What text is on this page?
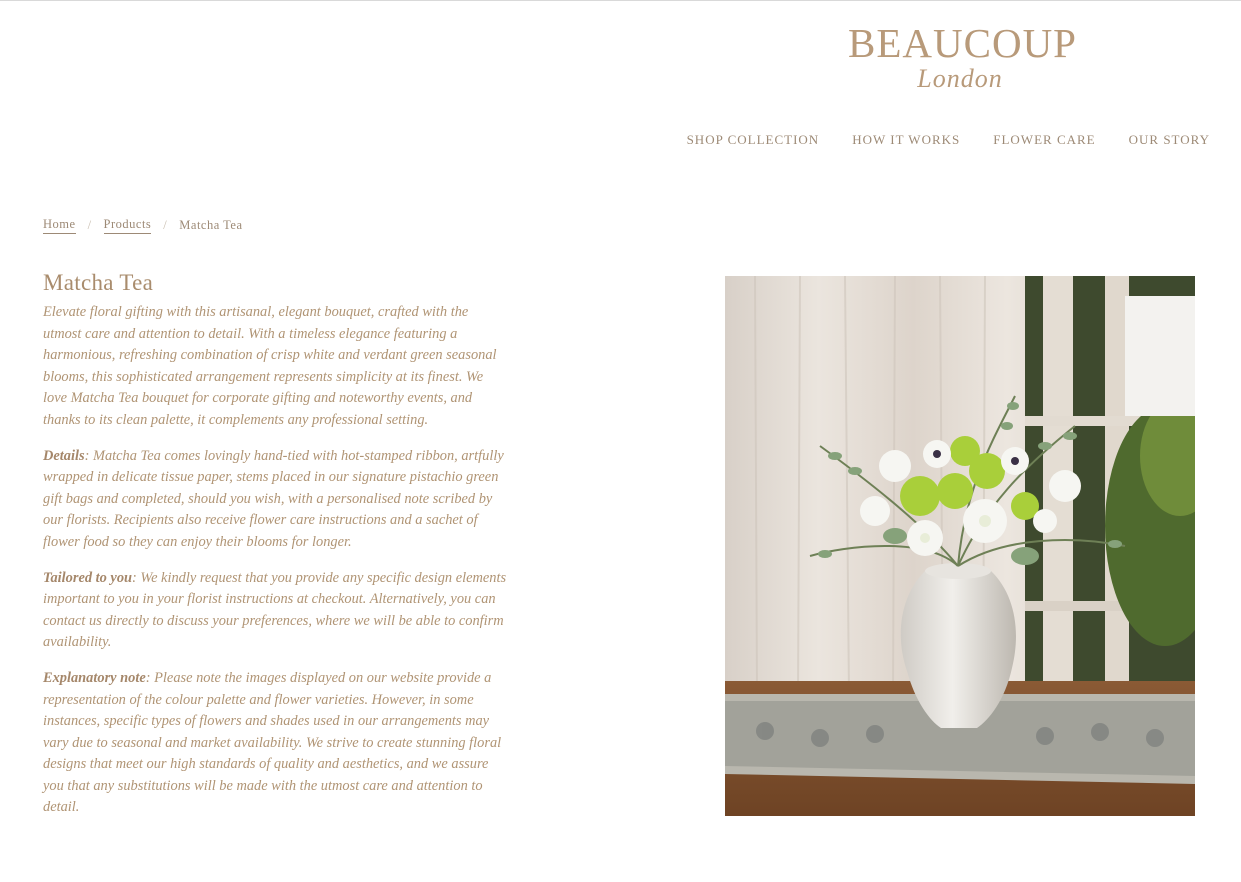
BEAUCOUP
London
SHOP COLLECTION	HOW IT WORKS	FLOWER CARE	OUR STORY
Home / Products / Matcha Tea
Matcha Tea

Elevate floral gifting with this artisanal, elegant bouquet, crafted with the utmost care and attention to detail. With a timeless elegance featuring a harmonious, refreshing combination of crisp white and verdant green seasonal blooms, this sophisticated arrangement represents simplicity at its finest. We love Matcha Tea bouquet for corporate gifting and noteworthy events, and thanks to its clean palette, it complements any professional setting.

Details: Matcha Tea comes lovingly hand-tied with hot-stamped ribbon, artfully wrapped in delicate tissue paper, stems placed in our signature pistachio green gift bags and completed, should you wish, with a personalised note scribed by our florists. Recipients also receive flower care instructions and a sachet of flower food so they can enjoy their blooms for longer.

Tailored to you: We kindly request that you provide any specific design elements important to you in your florist instructions at checkout. Alternatively, you can contact us directly to discuss your preferences, where we will be able to confirm availability.

Explanatory note: Please note the images displayed on our website provide a representation of the colour palette and flower varieties. However, in some instances, specific types of flowers and shades used in our arrangements may vary due to seasonal and market availability. We strive to create stunning floral designs that meet our high standards of quality and aesthetics, and we assure you that any substitutions will be made with the utmost care and attention to detail.
